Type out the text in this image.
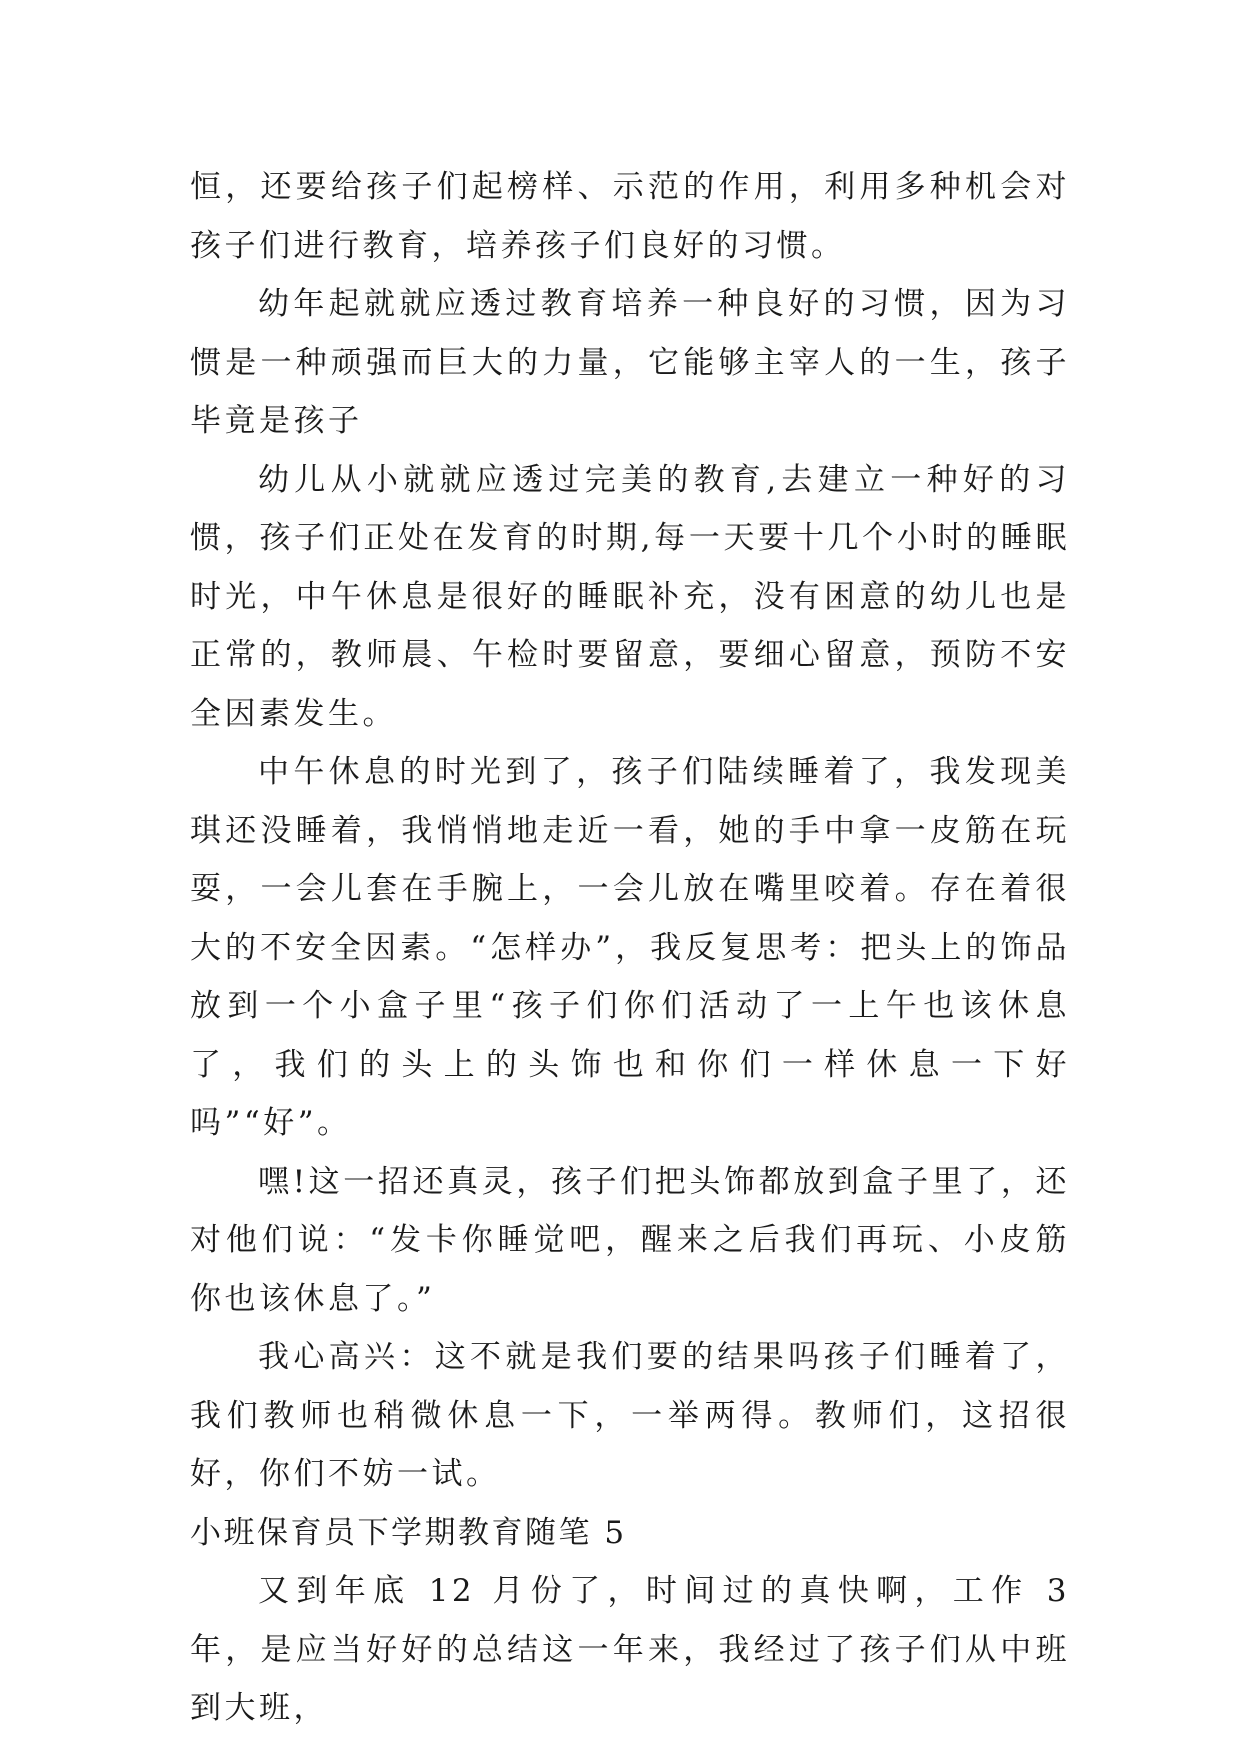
恒，还要给孩子们起榜样、示范的作用，利用多种机会对孩子们进行教育，培养孩子们良好的习惯。

幼年起就就应透过教育培养一种良好的习惯，因为习惯是一种顽强而巨大的力量，它能够主宰人的一生，孩子毕竟是孩子

幼儿从小就就应透过完美的教育,去建立一种好的习惯，孩子们正处在发育的时期,每一天要十几个小时的睡眠时光，中午休息是很好的睡眠补充，没有困意的幼儿也是正常的，教师晨、午检时要留意，要细心留意，预防不安全因素发生。

中午休息的时光到了，孩子们陆续睡着了，我发现美琪还没睡着，我悄悄地走近一看，她的手中拿一皮筋在玩耍，一会儿套在手腕上，一会儿放在嘴里咬着。存在着很大的不安全因素。“怎样办”，我反复思考：把头上的饰品放到一个小盒子里“孩子们你们活动了一上午也该休息了，我们的头上的头饰也和你们一样休息一下好吗”“好”。

嘿!这一招还真灵，孩子们把头饰都放到盒子里了，还对他们说：“发卡你睡觉吧，醒来之后我们再玩、小皮筋你也该休息了。”

我心高兴：这不就是我们要的结果吗孩子们睡着了，我们教师也稍微休息一下，一举两得。教师们，这招很好，你们不妨一试。

小班保育员下学期教育随笔 5

又到年底 12 月份了，时间过的真快啊，工作 3 年，是应当好好的总结这一年来，我经过了孩子们从中班到大班，
